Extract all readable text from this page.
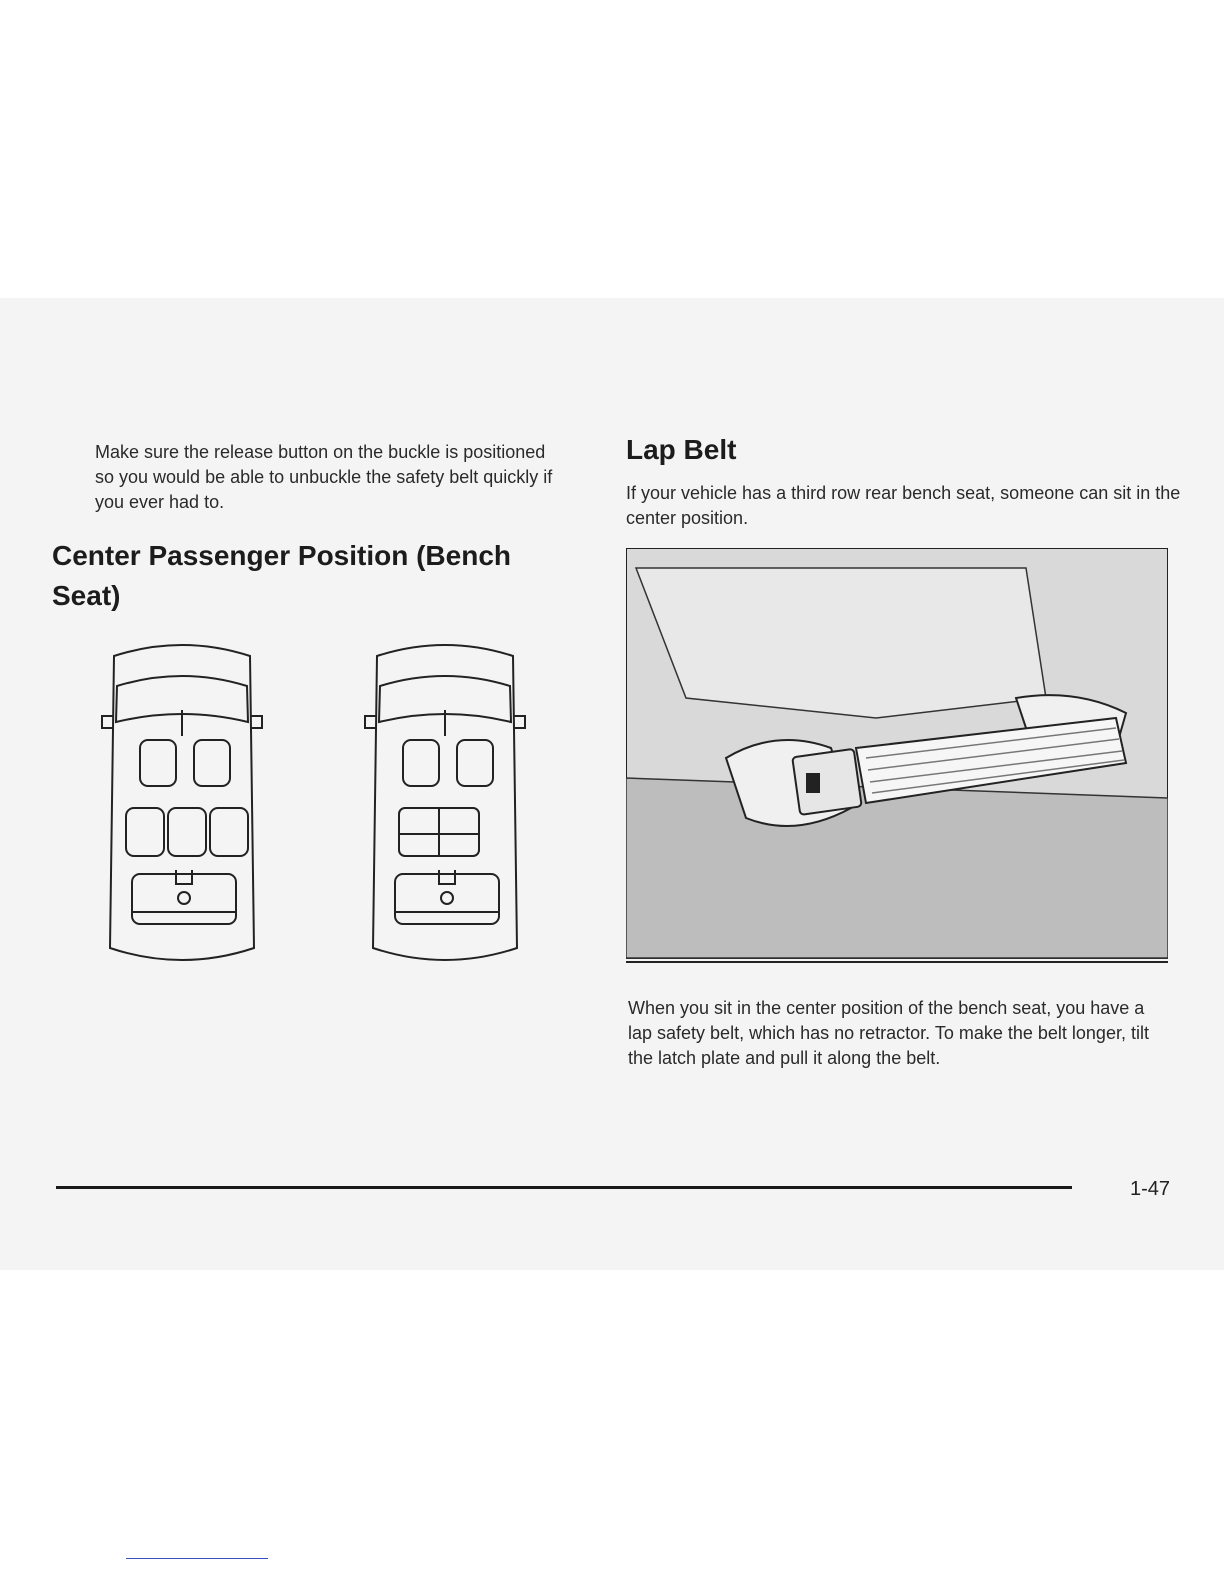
Make sure the release button on the buckle is positioned so you would be able to unbuckle the safety belt quickly if you ever had to.

Center Passenger Position (Bench Seat)
Lap Belt

If your vehicle has a third row rear bench seat, someone can sit in the center position.

When you sit in the center position of the bench seat, you have a lap safety belt, which has no retractor. To make the belt longer, tilt the latch plate and pull it along the belt.

1-47
